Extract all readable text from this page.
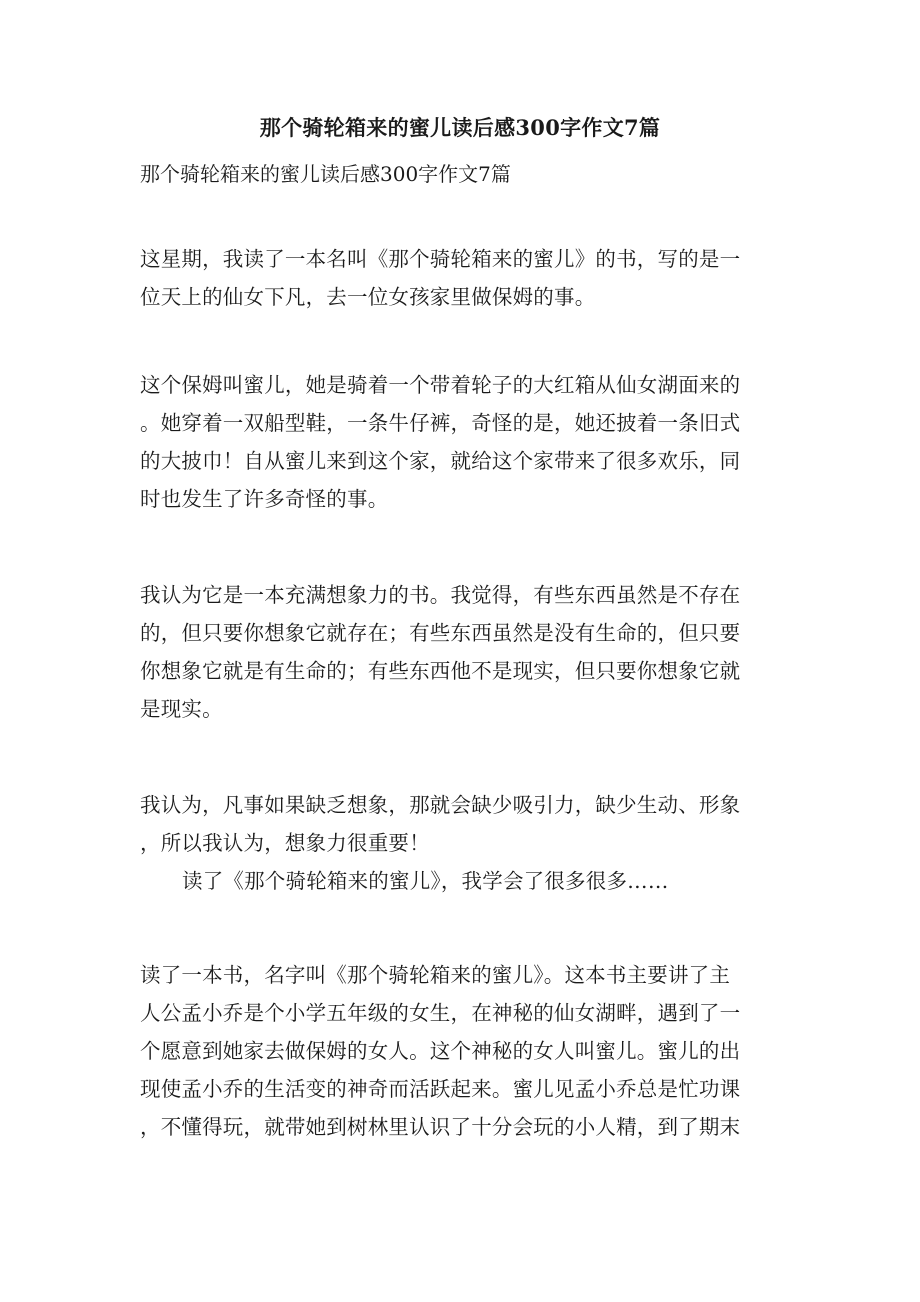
那个骑轮箱来的蜜儿读后感300字作文7篇
那个骑轮箱来的蜜儿读后感300字作文7篇
这星期，我读了一本名叫《那个骑轮箱来的蜜儿》的书，写的是一
位天上的仙女下凡，去一位女孩家里做保姆的事。
这个保姆叫蜜儿，她是骑着一个带着轮子的大红箱从仙女湖面来的
。她穿着一双船型鞋，一条牛仔裤，奇怪的是，她还披着一条旧式
的大披巾！自从蜜儿来到这个家，就给这个家带来了很多欢乐，同
时也发生了许多奇怪的事。
我认为它是一本充满想象力的书。我觉得，有些东西虽然是不存在
的，但只要你想象它就存在；有些东西虽然是没有生命的，但只要
你想象它就是有生命的；有些东西他不是现实，但只要你想象它就
是现实。
我认为，凡事如果缺乏想象，那就会缺少吸引力，缺少生动、形象
，所以我认为，想象力很重要！
读了《那个骑轮箱来的蜜儿》，我学会了很多很多……
读了一本书，名字叫《那个骑轮箱来的蜜儿》。这本书主要讲了主
人公孟小乔是个小学五年级的女生，在神秘的仙女湖畔，遇到了一
个愿意到她家去做保姆的女人。这个神秘的女人叫蜜儿。蜜儿的出
现使孟小乔的生活变的神奇而活跃起来。蜜儿见孟小乔总是忙功课
，不懂得玩，就带她到树林里认识了十分会玩的小人精，到了期末
